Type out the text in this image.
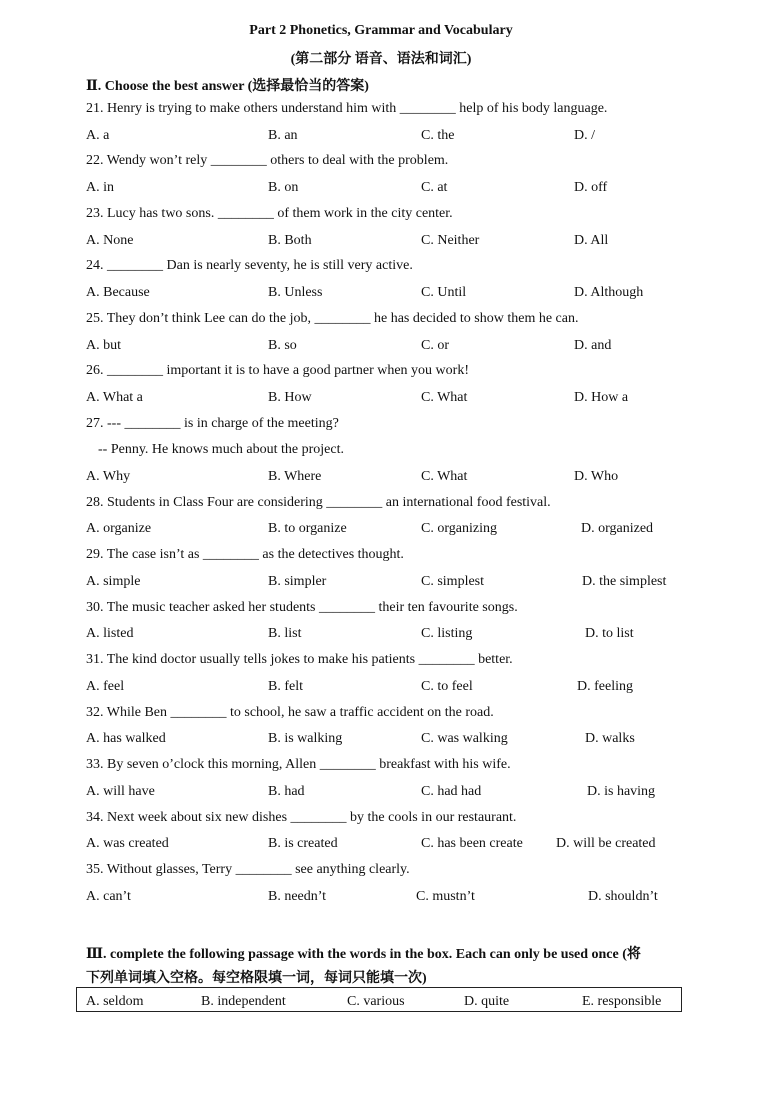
Part 2 Phonetics, Grammar and Vocabulary
(第二部分 语音、语法和词汇)
Ⅱ. Choose the best answer (选择最恰当的答案)
21. Henry is trying to make others understand him with ________ help of his body language.
A. a	B. an	C. the	D. /
22. Wendy won’t rely ________ others to deal with the problem.
A. in	B. on	C. at	D. off
23. Lucy has two sons. ________ of them work in the city center.
A. None	B. Both	C. Neither	D. All
24. ________ Dan is nearly seventy, he is still very active.
A. Because	B. Unless	C. Until	D. Although
25. They don’t think Lee can do the job, ________ he has decided to show them he can.
A. but	B. so	C. or	D. and
26. ________ important it is to have a good partner when you work!
A. What a	B. How	C. What	D. How a
27. --- ________ is in charge of the meeting?
-- Penny. He knows much about the project.
A. Why	B. Where	C. What	D. Who
28. Students in Class Four are considering ________ an international food festival.
A. organize	B. to organize	C. organizing	D. organized
29. The case isn’t as ________ as the detectives thought.
A. simple	B. simpler	C. simplest	D. the simplest
30. The music teacher asked her students ________ their ten favourite songs.
A. listed	B. list	C. listing	D. to list
31. The kind doctor usually tells jokes to make his patients ________ better.
A. feel	B. felt	C. to feel	D. feeling
32. While Ben ________ to school, he saw a traffic accident on the road.
A. has walked	B. is walking	C. was walking	D. walks
33. By seven o’clock this morning, Allen ________ breakfast with his wife.
A. will have	B. had	C. had had	D. is having
34. Next week about six new dishes ________ by the cools in our restaurant.
A. was created	B. is created	C. has been create D. will be created
35. Without glasses, Terry ________ see anything clearly.
A. can’t	B. needn’t	C. mustn’t	D. shouldn’t
Ⅲ. complete the following passage with the words in the box. Each can only be used once (将
下列单词填入空格。每空格限填一词，每词只能填一次)
A. seldom	B. independent	C. various	D. quite	E. responsible
